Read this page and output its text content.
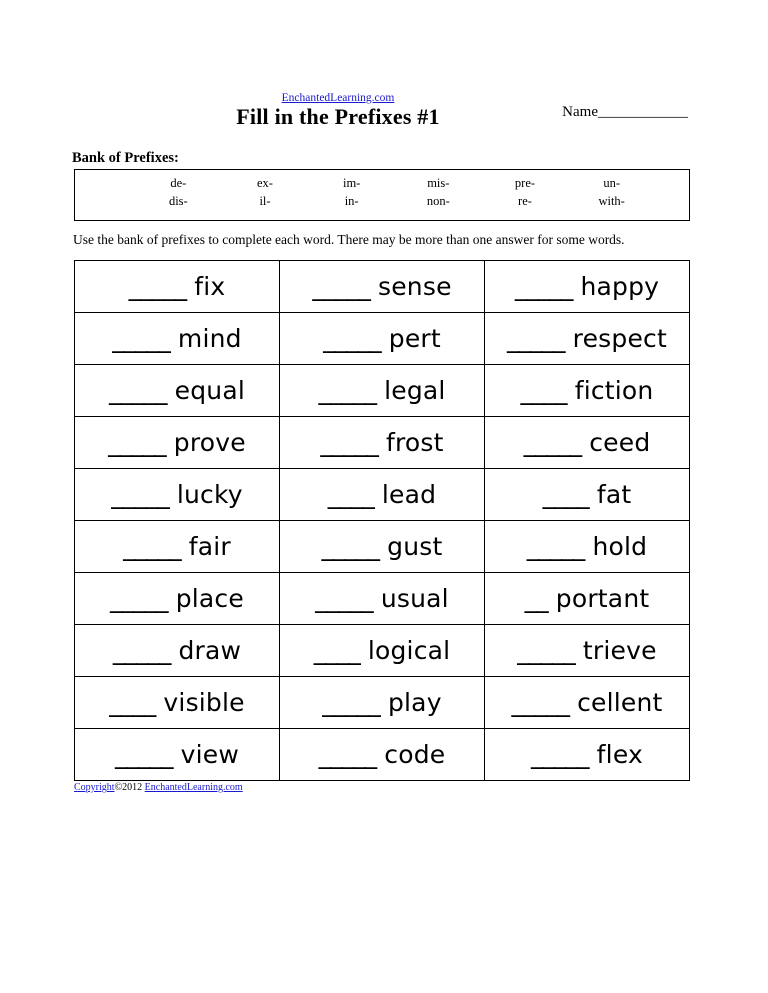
EnchantedLearning.com
Fill in the Prefixes #1	Name____________
Bank of Prefixes:
de-	ex-	im-	mis-	pre-	un-
dis-	il-	in-	non-	re-	with-
Use the bank of prefixes to complete each word. There may be more than one answer for some words.
_____ fix	_____ sense	_____ happy
_____ mind	_____ pert	_____ respect
_____ equal	_____ legal	____ fiction
_____ prove	_____ frost	_____ ceed
_____ lucky	____ lead	____ fat
_____ fair	_____ gust	_____ hold
_____ place	_____ usual	__ portant
_____ draw	____ logical	_____ trieve
____ visible	_____ play	_____ cellent
_____ view	_____ code	_____ flex
Copyright©2012 EnchantedLearning.com
